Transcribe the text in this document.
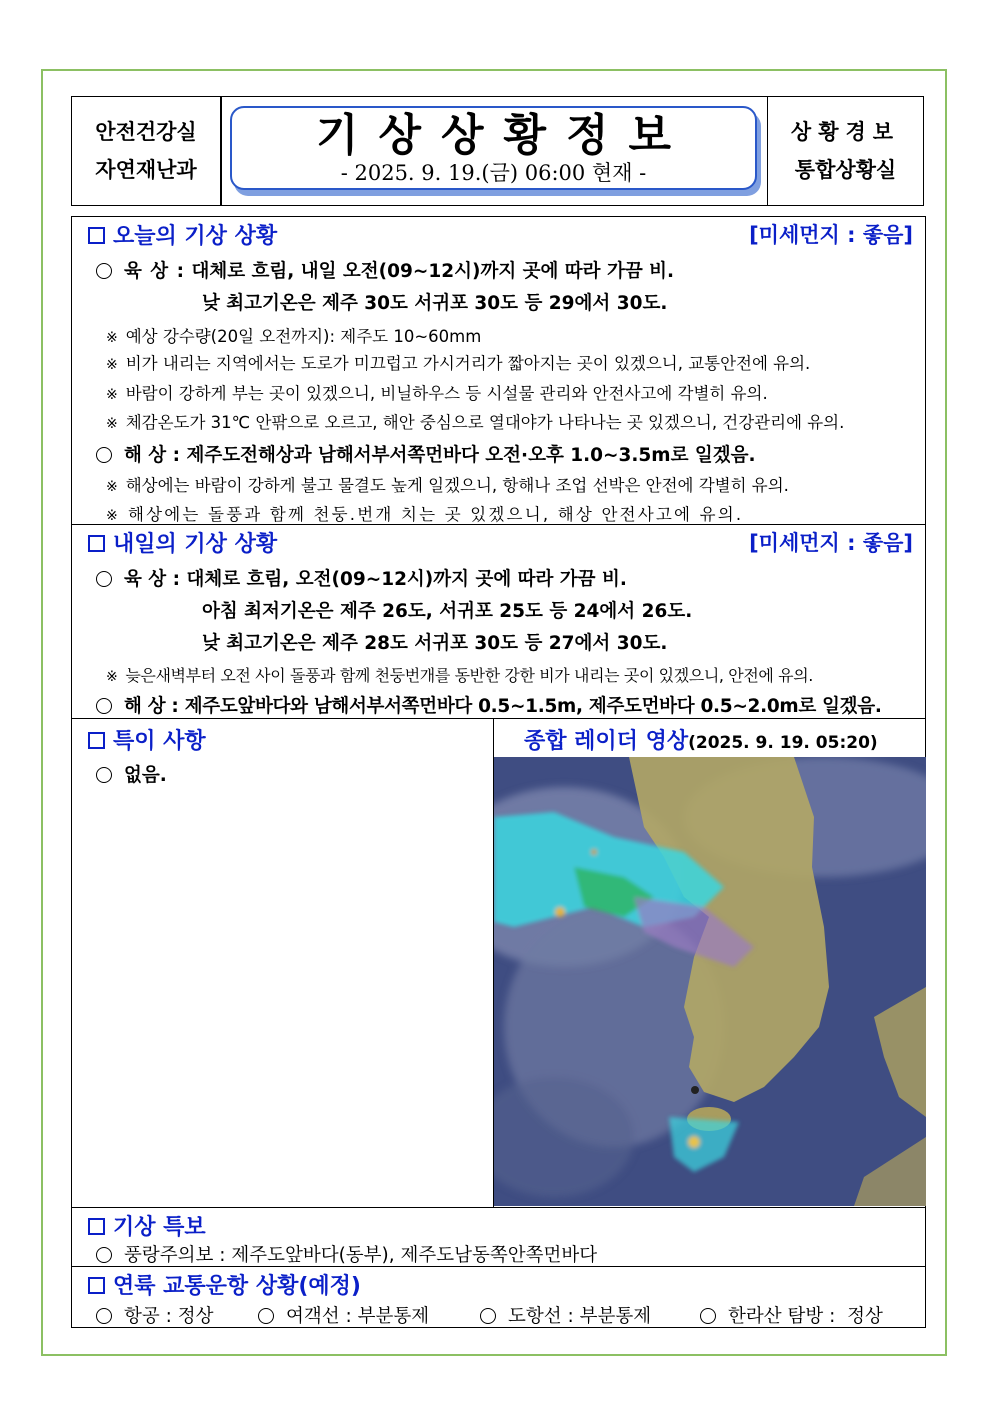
안전건강실
자연재난과
기상상황정보
- 2025. 9. 19.(금) 06:00 현재 -
상황경보
통합상황실
오늘의 기상 상황	[미세먼지 : 좋음]
육 상 : 대체로 흐림, 내일 오전(09~12시)까지 곳에 따라 가끔 비.
낮 최고기온은 제주 30도 서귀포 30도 등 29에서 30도.
※ 예상 강수량(20일 오전까지): 제주도 10~60mm
※ 비가 내리는 지역에서는 도로가 미끄럽고 가시거리가 짧아지는 곳이 있겠으니, 교통안전에 유의.
※ 바람이 강하게 부는 곳이 있겠으니, 비닐하우스 등 시설물 관리와 안전사고에 각별히 유의.
※ 체감온도가 31℃ 안팎으로 오르고, 해안 중심으로 열대야가 나타나는 곳 있겠으니, 건강관리에 유의.
해 상 : 제주도전해상과 남해서부서쪽먼바다 오전·오후 1.0~3.5m로 일겠음.
※ 해상에는 바람이 강하게 불고 물결도 높게 일겠으니, 항해나 조업 선박은 안전에 각별히 유의.
※ 해상에는 돌풍과 함께 천둥.번개 치는 곳 있겠으니, 해상 안전사고에 유의.
내일의 기상 상황	[미세먼지 : 좋음]
육 상 : 대체로 흐림, 오전(09~12시)까지 곳에 따라 가끔 비.
아침 최저기온은 제주 26도, 서귀포 25도 등 24에서 26도.
낮 최고기온은 제주 28도 서귀포 30도 등 27에서 30도.
※ 늦은새벽부터 오전 사이 돌풍과 함께 천둥번개를 동반한 강한 비가 내리는 곳이 있겠으니, 안전에 유의.
해 상 : 제주도앞바다와 남해서부서쪽먼바다 0.5~1.5m, 제주도먼바다 0.5~2.0m로 일겠음.
특이 사항
없음.
종합 레이더 영상(2025. 9. 19. 05:20)
기상 특보
풍랑주의보 : 제주도앞바다(동부), 제주도남동쪽안쪽먼바다
연륙 교통운항 상황(예정)
항공 : 정상	여객선 : 부분통제	도항선 : 부분통제	한라산 탐방 :  정상
